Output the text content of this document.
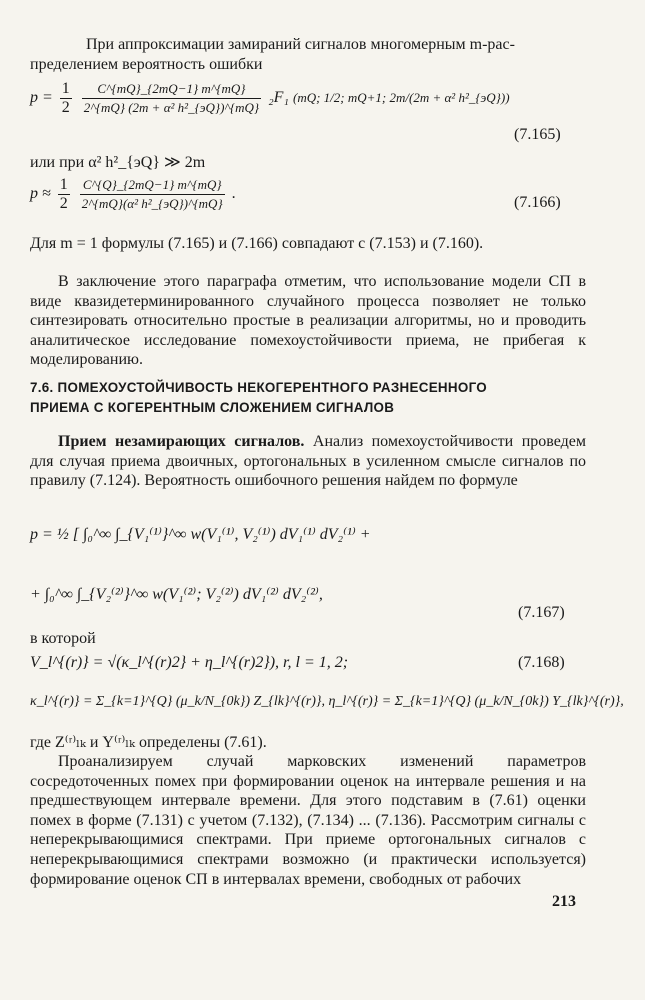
При аппроксимации замираний сигналов многомерным m-рас-
пределением вероятность ошибки
$p = \frac{1}{2}$
$\frac{C\^{}\{mQ\}\_\{2mQ-1\} m\^{}\{mQ\}}{\text{2\textasciicircum{}\{mQ\} (2m + α² h²\_\{эQ\})\textasciicircum{}\{mQ\}}} _2F_1$ (mQ; 1/2; mQ+1; 2m/(2m + α² h²_{эQ}))
(7.165)
или при α² h²_{эQ} ≫ 2m
$p \approx \frac{1}{2}$
$\frac{C\^{}\{Q\}\_\{2mQ-1\} m\^{}\{mQ\}}{\text{2\textasciicircum{}\{mQ\}(α² h²\_\{эQ\})\textasciicircum{}\{mQ\}}}$ .
(7.166)

Для m = 1 формулы (7.165) и (7.166) совпадают с (7.153) и (7.160).

В заключение этого параграфа отметим, что использование модели СП в виде квазидетерминированного случайного процесса позволяет не только синтезировать относительно простые в реализации алгоритмы, но и проводить аналитическое исследование помехоустойчивости приема, не прибегая к моделированию.

7.6. ПОМЕХОУСТОЙЧИВОСТЬ НЕКОГЕРЕНТНОГО РАЗНЕСЕННОГО
ПРИЕМА С КОГЕРЕНТНЫМ СЛОЖЕНИЕМ СИГНАЛОВ

Прием незамирающих сигналов. Анализ помехоустойчивости проведем для случая приема двоичных, ортогональных в усиленном смысле сигналов по правилу (7.124). Вероятность ошибочного решения найдем по формуле

p = ½ [ ∫₀^∞ ∫_{V₁⁽¹⁾}^∞ w(V₁⁽¹⁾, V₂⁽¹⁾) dV₁⁽¹⁾ dV₂⁽¹⁾ +
+ ∫₀^∞ ∫_{V₂⁽²⁾}^∞ w(V₁⁽²⁾; V₂⁽²⁾) dV₁⁽²⁾ dV₂⁽²⁾,
(7.167)
в которой
V_l^{(r)} = √(κ_l^{(r)2} + η_l^{(r)2}), r, l = 1, 2;	(7.168)
κ_l^{(r)} = Σ_{k=1}^{Q} (μ_k/N_{0k}) Z_{lk}^{(r)}, η_l^{(r)} = Σ_{k=1}^{Q} (μ_k/N_{0k}) Y_{lk}^{(r)},
где Z⁽ʳ⁾ₗₖ и Y⁽ʳ⁾ₗₖ определены (7.61).

Проанализируем случай марковских изменений параметров сосредоточенных помех при формировании оценок на интервале решения и на предшествующем интервале времени. Для этого подставим в (7.61) оценки помех в форме (7.131) с учетом (7.132), (7.134) ... (7.136). Рассмотрим сигналы с неперекрывающимися спектрами. При приеме ортогональных сигналов с неперекрывающимися спектрами возможно (и практически используется) формирование оценок СП в интервалах времени, свободных от рабочих

213
